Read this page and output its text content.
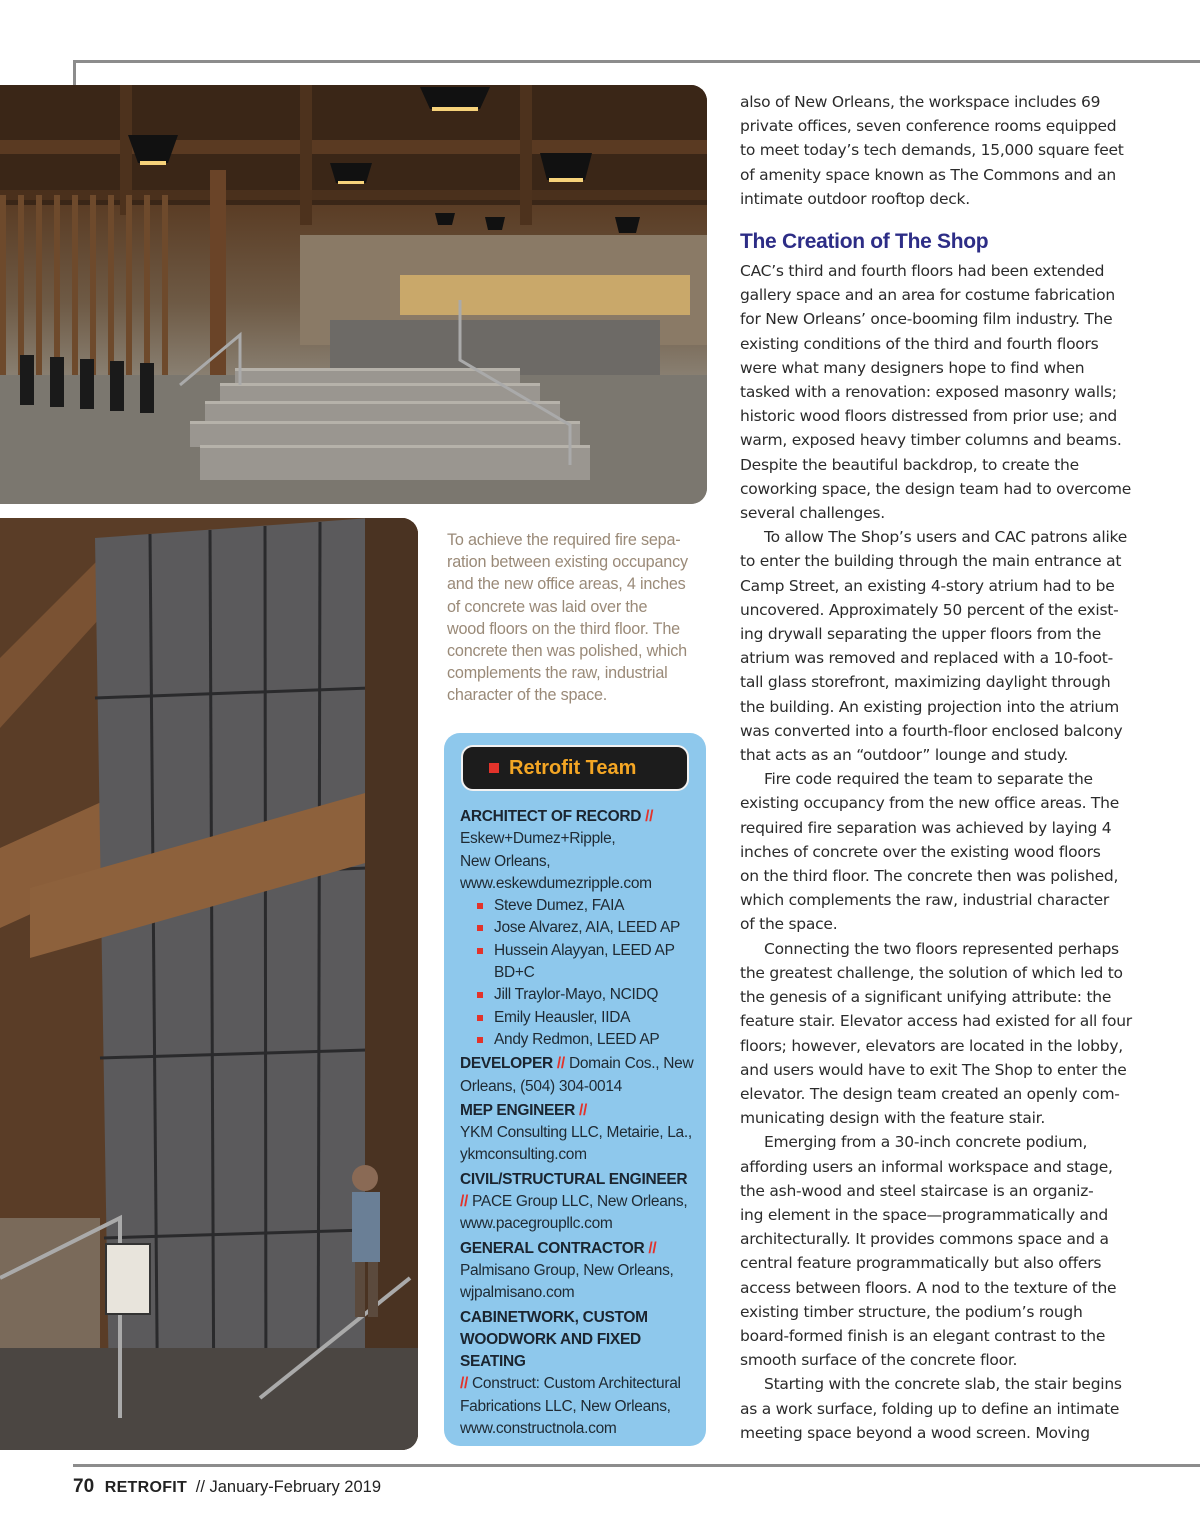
also of New Orleans, the workspace includes 69
private offices, seven conference rooms equipped
to meet today’s tech demands, 15,000 square feet
of amenity space known as The Commons and an
intimate outdoor rooftop deck.

The Creation of The Shop

CAC’s third and fourth floors had been extended
gallery space and an area for costume fabrication
for New Orleans’ once-booming film industry. The
existing conditions of the third and fourth floors
were what many designers hope to find when
tasked with a renovation: exposed masonry walls;
historic wood floors distressed from prior use; and
warm, exposed heavy timber columns and beams.
Despite the beautiful backdrop, to create the
coworking space, the design team had to overcome
several challenges.

To allow The Shop’s users and CAC patrons alike
to enter the building through the main entrance at
Camp Street, an existing 4-story atrium had to be
uncovered. Approximately 50 percent of the exist-
ing drywall separating the upper floors from the
atrium was removed and replaced with a 10-foot-
tall glass storefront, maximizing daylight through
the building. An existing projection into the atrium
was converted into a fourth-floor enclosed balcony
that acts as an “outdoor” lounge and study.

Fire code required the team to separate the
existing occupancy from the new office areas. The
required fire separation was achieved by laying 4
inches of concrete over the existing wood floors
on the third floor. The concrete then was polished,
which complements the raw, industrial character
of the space.

Connecting the two floors represented perhaps
the greatest challenge, the solution of which led to
the genesis of a significant unifying attribute: the
feature stair. Elevator access had existed for all four
floors; however, elevators are located in the lobby,
and users would have to exit The Shop to enter the
elevator. The design team created an openly com-
municating design with the feature stair.

Emerging from a 30-inch concrete podium,
affording users an informal workspace and stage,
the ash-wood and steel staircase is an organiz-
ing element in the space—programmatically and
architecturally. It provides commons space and a
central feature programmatically but also offers
access between floors. A nod to the texture of the
existing timber structure, the podium’s rough
board-formed finish is an elegant contrast to the
smooth surface of the concrete floor.

Starting with the concrete slab, the stair begins
as a work surface, folding up to define an intimate
meeting space beyond a wood screen. Moving

To achieve the required fire sepa-
ration between existing occupancy
and the new office areas, 4 inches
of concrete was laid over the
wood floors on the third floor. The
concrete then was polished, which
complements the raw, industrial
character of the space.
Retrofit Team
ARCHITECT OF RECORD //
Eskew+Dumez+Ripple,
New Orleans,
www.eskewdumezripple.com
Steve Dumez, FAIA
Jose Alvarez, AIA, LEED AP
Hussein Alayyan, LEED AP
BD+C
Jill Traylor-Mayo, NCIDQ
Emily Heausler, IIDA
Andy Redmon, LEED AP
DEVELOPER // Domain Cos., New
Orleans, (504) 304-0014
MEP ENGINEER //
YKM Consulting LLC, Metairie, La.,
ykmconsulting.com
CIVIL/STRUCTURAL ENGINEER
// PACE Group LLC, New Orleans,
www.pacegroupllc.com
GENERAL CONTRACTOR //
Palmisano Group, New Orleans,
wjpalmisano.com
CABINETWORK, CUSTOM
WOODWORK AND FIXED SEATING
// Construct: Custom Architectural
Fabrications LLC, New Orleans,
www.constructnola.com
70 RETROFIT // January-February 2019
